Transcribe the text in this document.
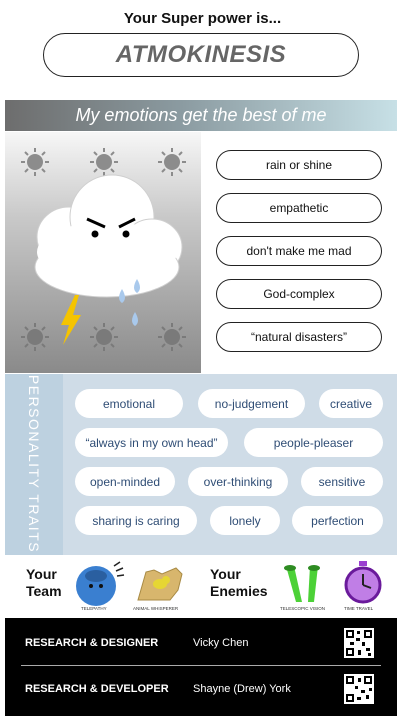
Your Super power is...
ATMOKINESIS
My emotions get the best of me
rain or shine
empathetic
don't make me mad
God-complex
“natural disasters”
PERSONALITY TRAITS	emotional	no-judgement	creative
“always in my own head”	people-pleaser
open-minded	over-thinking	sensitive
sharing is caring	lonely	perfection
Your
Team
TELEPATHY	ANIMAL WHISPERER
Your
Enemies
TELESCOPIC VISION	TIME TRAVEL
RESEARCH & DESIGNER	Vicky Chen
RESEARCH & DEVELOPER Shayne (Drew) York
